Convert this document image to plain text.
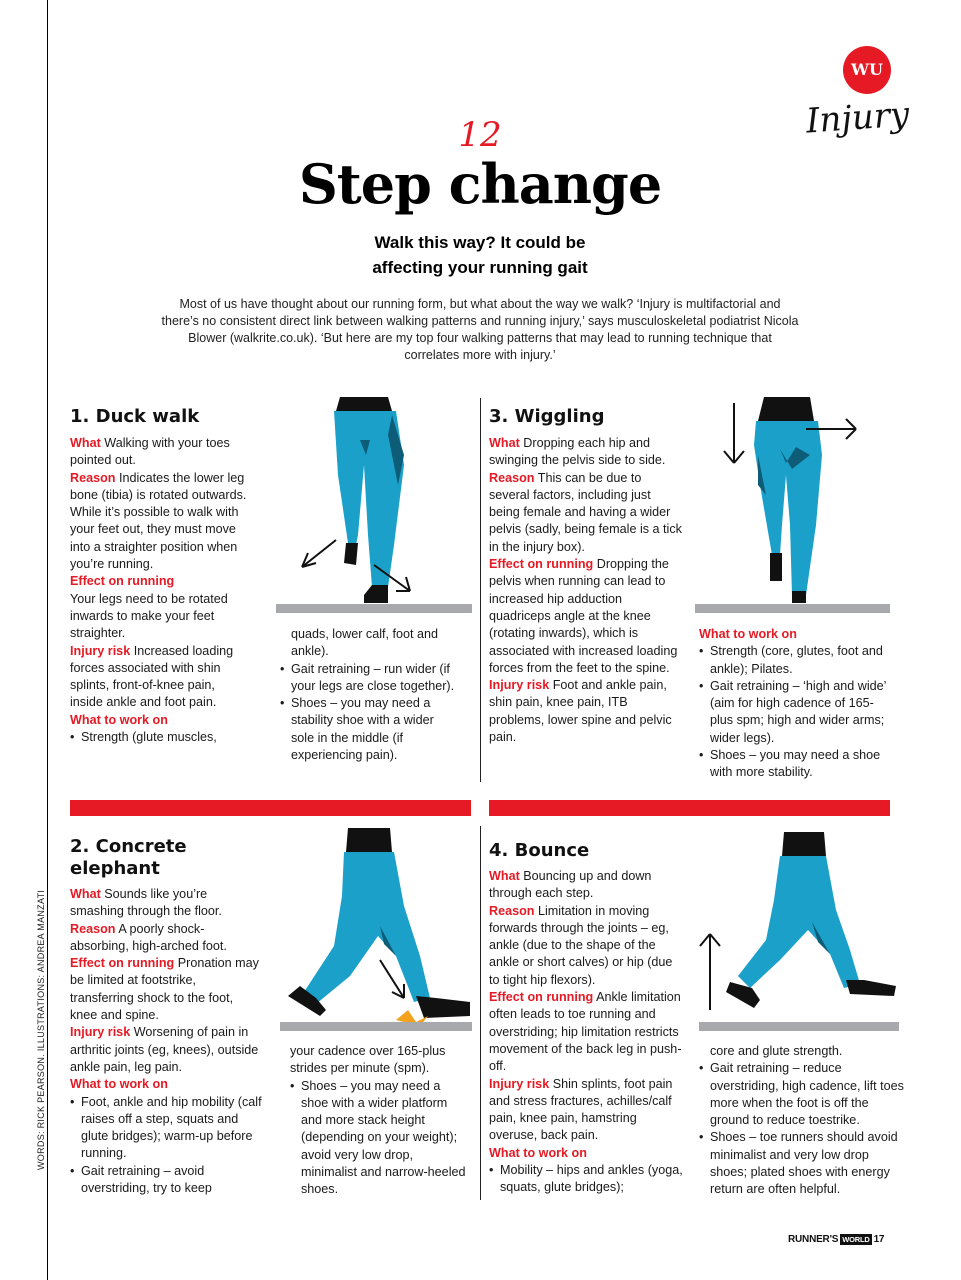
WORDS: RICK PEARSON. ILLUSTRATIONS: ANDREA MANZATI
WU
Injury
12
Step change
Walk this way? It could be
affecting your running gait
Most of us have thought about our running form, but what about the way we walk? ‘Injury is multifactorial and there’s no consistent direct link between walking patterns and running injury,’ says musculoskeletal podiatrist Nicola Blower (walkrite.co.uk). ‘But here are my top four walking patterns that may lead to running technique that correlates more with injury.’
1. Duck walk

What Walking with your toes pointed out.

Reason Indicates the lower leg bone (tibia) is rotated outwards. While it’s possible to walk with your feet out, they must move into a straighter position when you’re running.

Effect on running

Your legs need to be rotated inwards to make your feet straighter.

Injury risk Increased loading forces associated with shin splints, front-of-knee pain, inside ankle and foot pain.

What to work on

• Strength (glute muscles,

quads, lower calf, foot and ankle).

• Gait retraining – run wider (if your legs are close together).
• Shoes – you may need a stability shoe with a wider sole in the middle (if experiencing pain).
3. Wiggling

What Dropping each hip and swinging the pelvis side to side.

Reason This can be due to several factors, including just being female and having a wider pelvis (sadly, being female is a tick in the injury box).

Effect on running Dropping the pelvis when running can lead to increased hip adduction quadriceps angle at the knee (rotating inwards), which is associated with increased loading forces from the feet to the spine.

Injury risk Foot and ankle pain, shin pain, knee pain, ITB problems, lower spine and pelvic pain.

What to work on

• Strength (core, glutes, foot and ankle); Pilates.
• Gait retraining – ‘high and wide’ (aim for high cadence of 165-plus spm; high and wider arms; wider legs).
• Shoes – you may need a shoe with more stability.
2. Concrete elephant

What Sounds like you’re smashing through the floor.

Reason A poorly shock-absorbing, high-arched foot.

Effect on running Pronation may be limited at footstrike, transferring shock to the foot, knee and spine.

Injury risk Worsening of pain in arthritic joints (eg, knees), outside ankle pain, leg pain.

What to work on

• Foot, ankle and hip mobility (calf raises off a step, squats and glute bridges); warm-up before running.
• Gait retraining – avoid overstriding, try to keep

your cadence over 165-plus strides per minute (spm).

• Shoes – you may need a shoe with a wider platform and more stack height (depending on your weight); avoid very low drop, minimalist and narrow-heeled shoes.
4. Bounce

What Bouncing up and down through each step.

Reason Limitation in moving forwards through the joints – eg, ankle (due to the shape of the ankle or short calves) or hip (due to tight hip flexors).

Effect on running Ankle limitation often leads to toe running and overstriding; hip limitation restricts movement of the back leg in push-off.

Injury risk Shin splints, foot pain and stress fractures, achilles/calf pain, knee pain, hamstring overuse, back pain.

What to work on

• Mobility – hips and ankles (yoga, squats, glute bridges);

core and glute strength.

• Gait retraining – reduce overstriding, high cadence, lift toes more when the foot is off the ground to reduce toestrike.
• Shoes – toe runners should avoid minimalist and very low drop shoes; plated shoes with energy return are often helpful.
RUNNER'S WORLD 17
